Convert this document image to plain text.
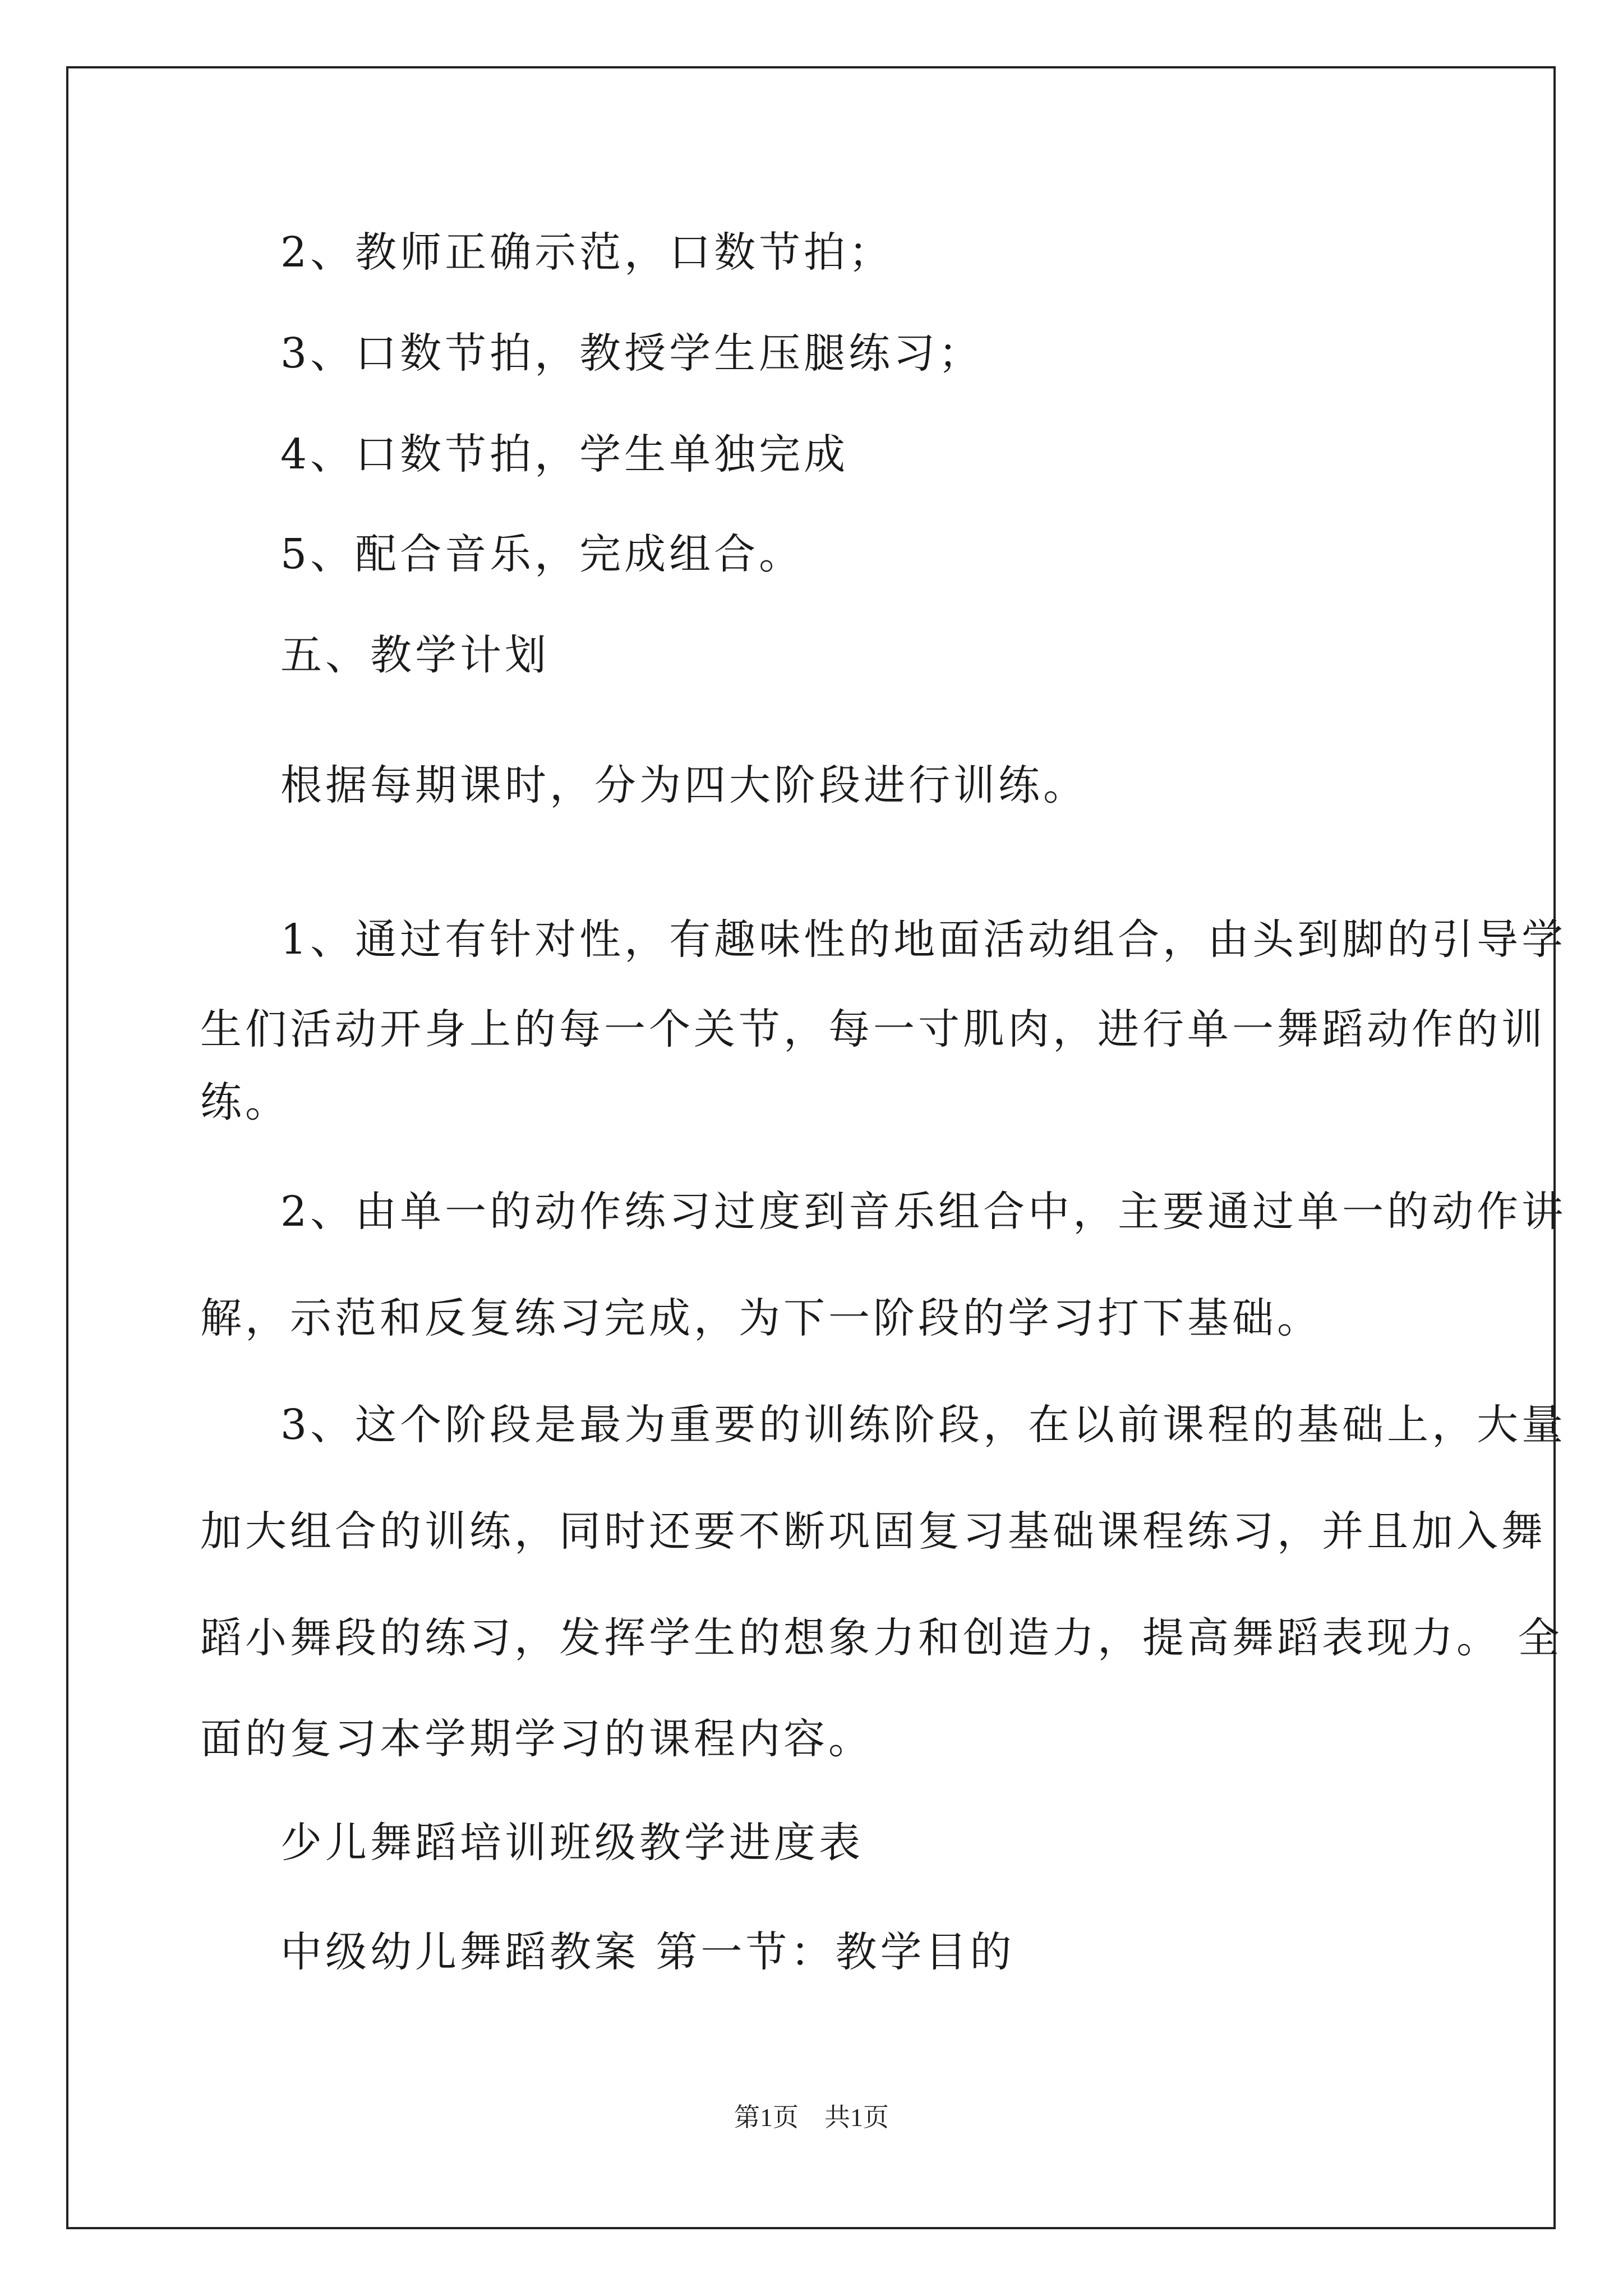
2、教师正确示范，口数节拍；
3、口数节拍，教授学生压腿练习；
4、口数节拍，学生单独完成
5、配合音乐，完成组合。
五、教学计划
根据每期课时，分为四大阶段进行训练。
1、通过有针对性，有趣味性的地面活动组合，由头到脚的引导学
生们活动开身上的每一个关节，每一寸肌肉，进行单一舞蹈动作的训
练。
2、由单一的动作练习过度到音乐组合中，主要通过单一的动作讲
解，示范和反复练习完成，为下一阶段的学习打下基础。
3、这个阶段是最为重要的训练阶段，在以前课程的基础上，大量
加大组合的训练，同时还要不断巩固复习基础课程练习，并且加入舞
蹈小舞段的练习，发挥学生的想象力和创造力，提高舞蹈表现力。 全
面的复习本学期学习的课程内容。
少儿舞蹈培训班级教学进度表
中级幼儿舞蹈教案 第一节：教学目的
第1页　共1页
